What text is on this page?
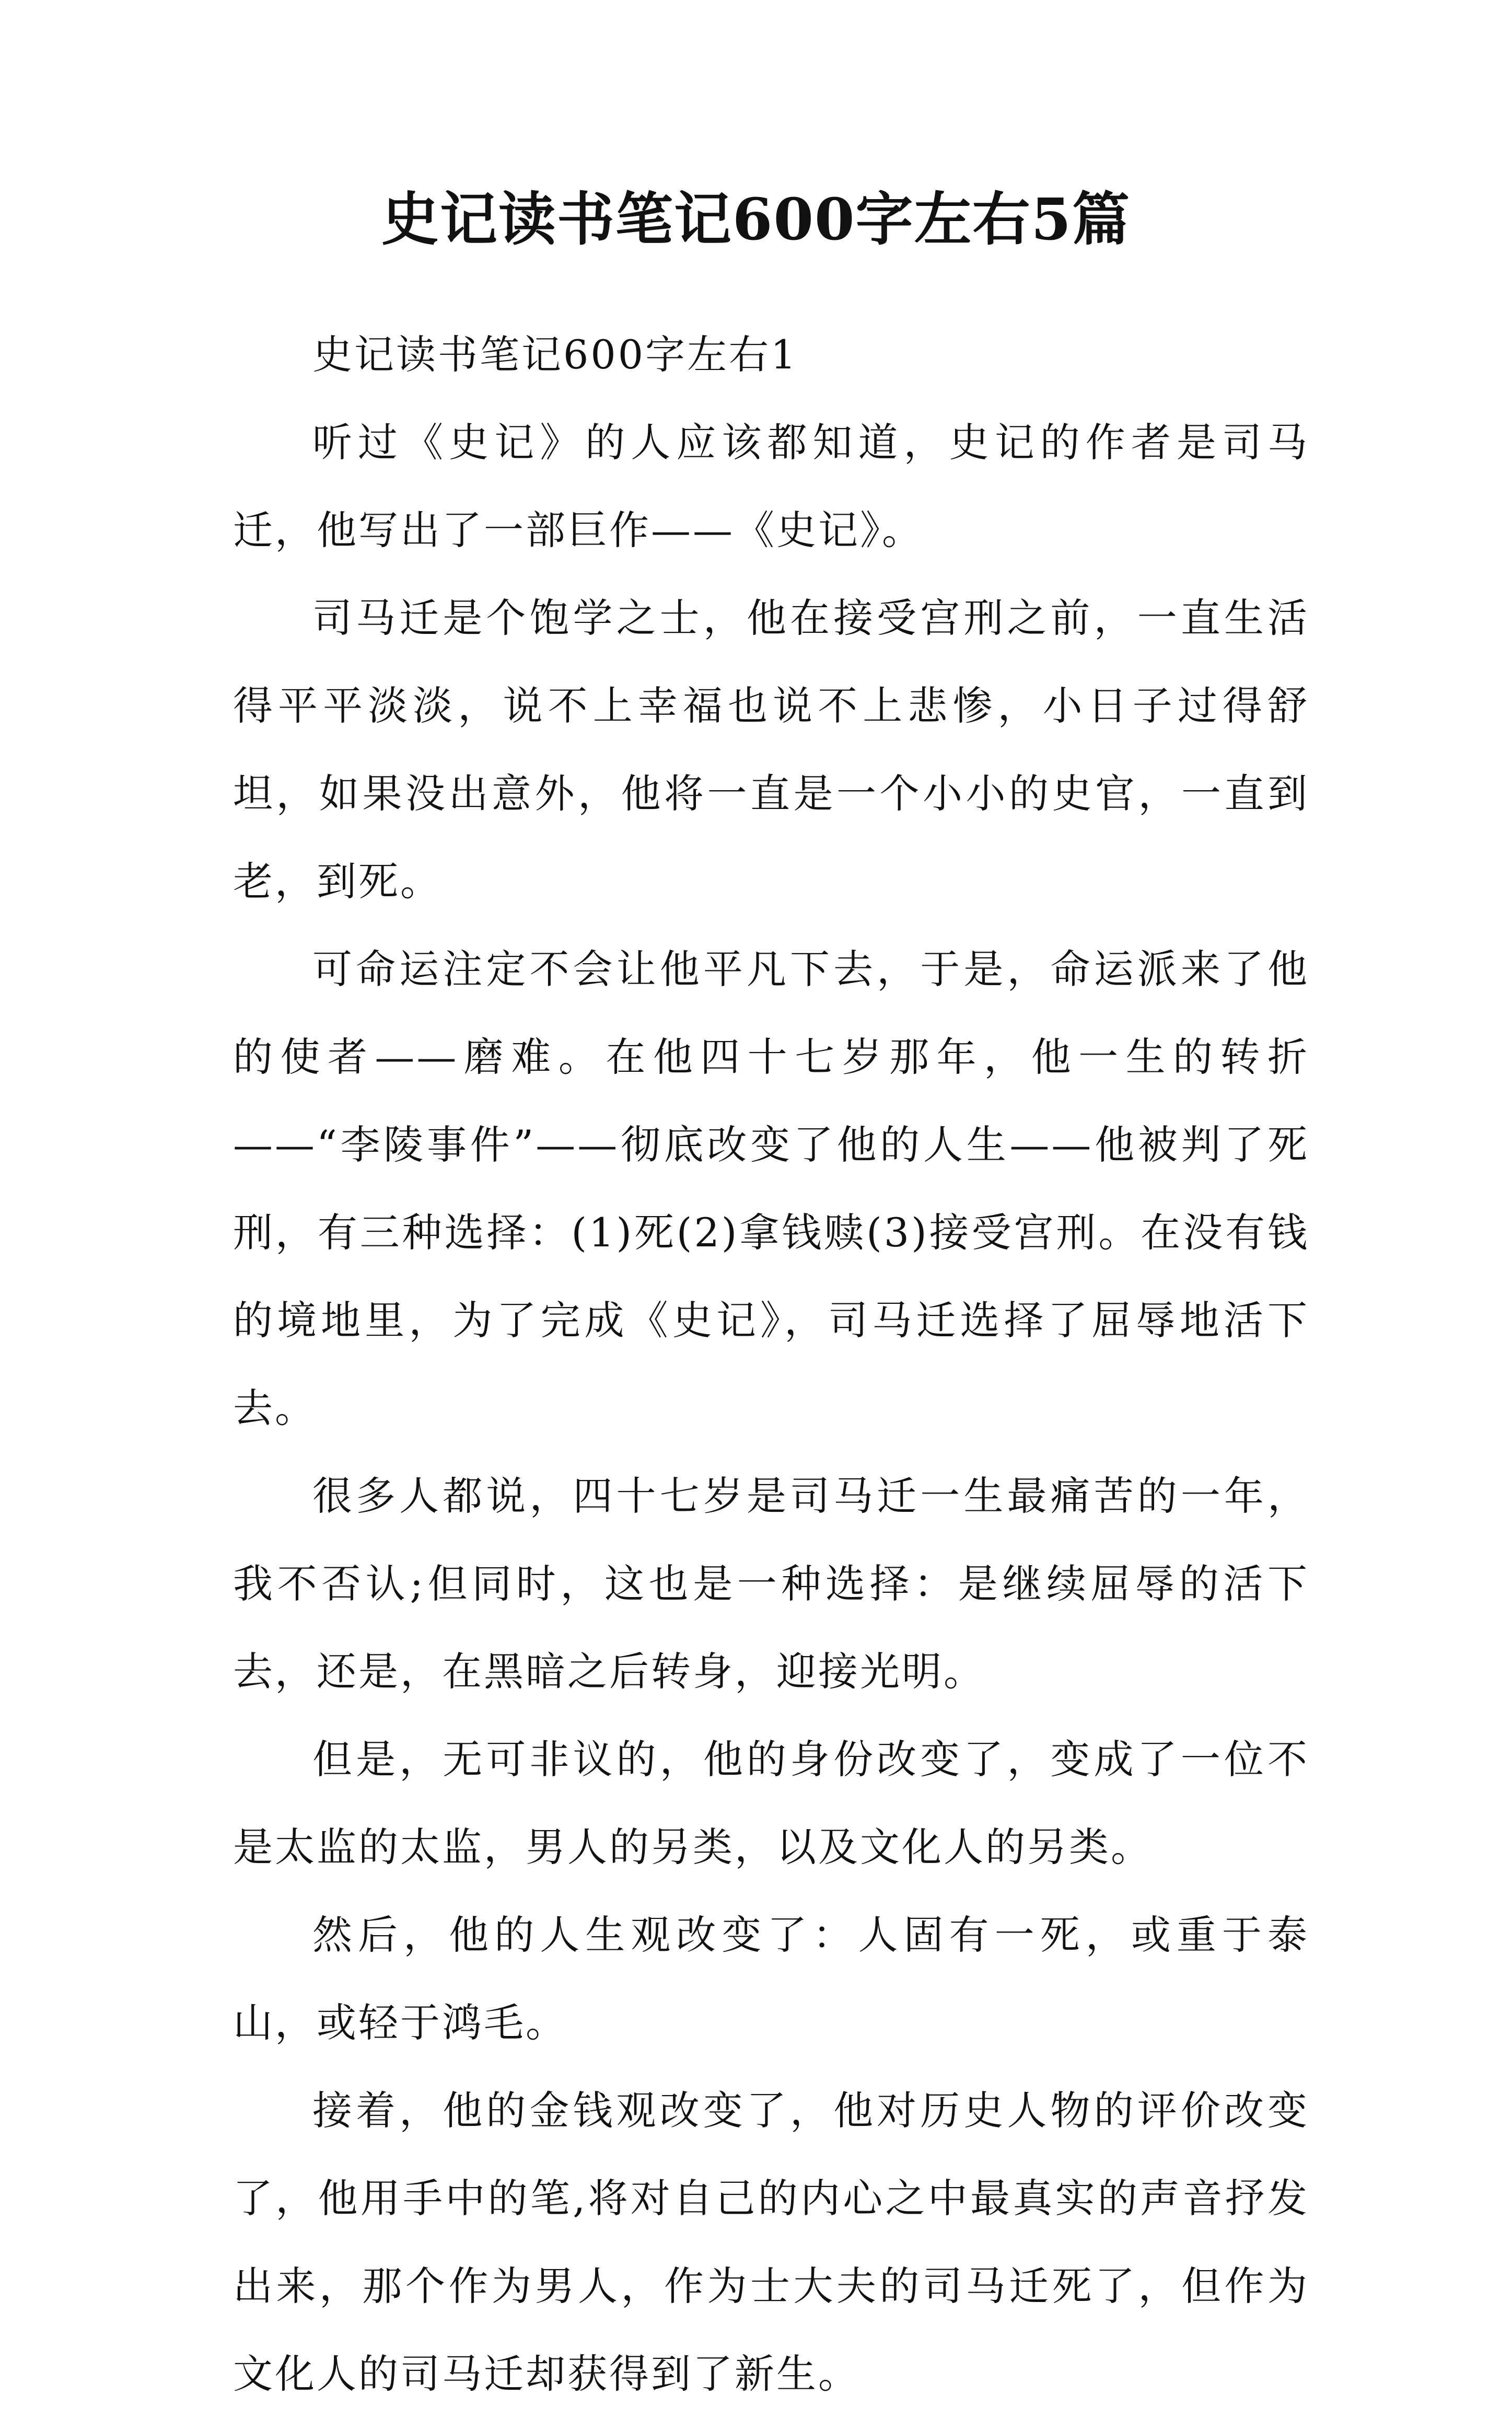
史记读书笔记600字左右5篇

史记读书笔记600字左右1

听过《史记》的人应该都知道，史记的作者是司马迁，他写出了一部巨作——《史记》。

司马迁是个饱学之士，他在接受宫刑之前，一直生活得平平淡淡，说不上幸福也说不上悲惨，小日子过得舒坦，如果没出意外，他将一直是一个小小的史官，一直到老，到死。

可命运注定不会让他平凡下去，于是，命运派来了他的使者——磨难。在他四十七岁那年，他一生的转折——“李陵事件”——彻底改变了他的人生——他被判了死刑，有三种选择：(1)死(2)拿钱赎(3)接受宫刑。在没有钱的境地里，为了完成《史记》，司马迁选择了屈辱地活下去。

很多人都说，四十七岁是司马迁一生最痛苦的一年，我不否认;但同时，这也是一种选择：是继续屈辱的活下去，还是，在黑暗之后转身，迎接光明。

但是，无可非议的，他的身份改变了，变成了一位不是太监的太监，男人的另类，以及文化人的另类。

然后，他的人生观改变了：人固有一死，或重于泰山，或轻于鸿毛。

接着，他的金钱观改变了，他对历史人物的评价改变了，他用手中的笔,将对自己的内心之中最真实的声音抒发出来，那个作为男人，作为士大夫的司马迁死了，但作为文化人的司马迁却获得到了新生。
